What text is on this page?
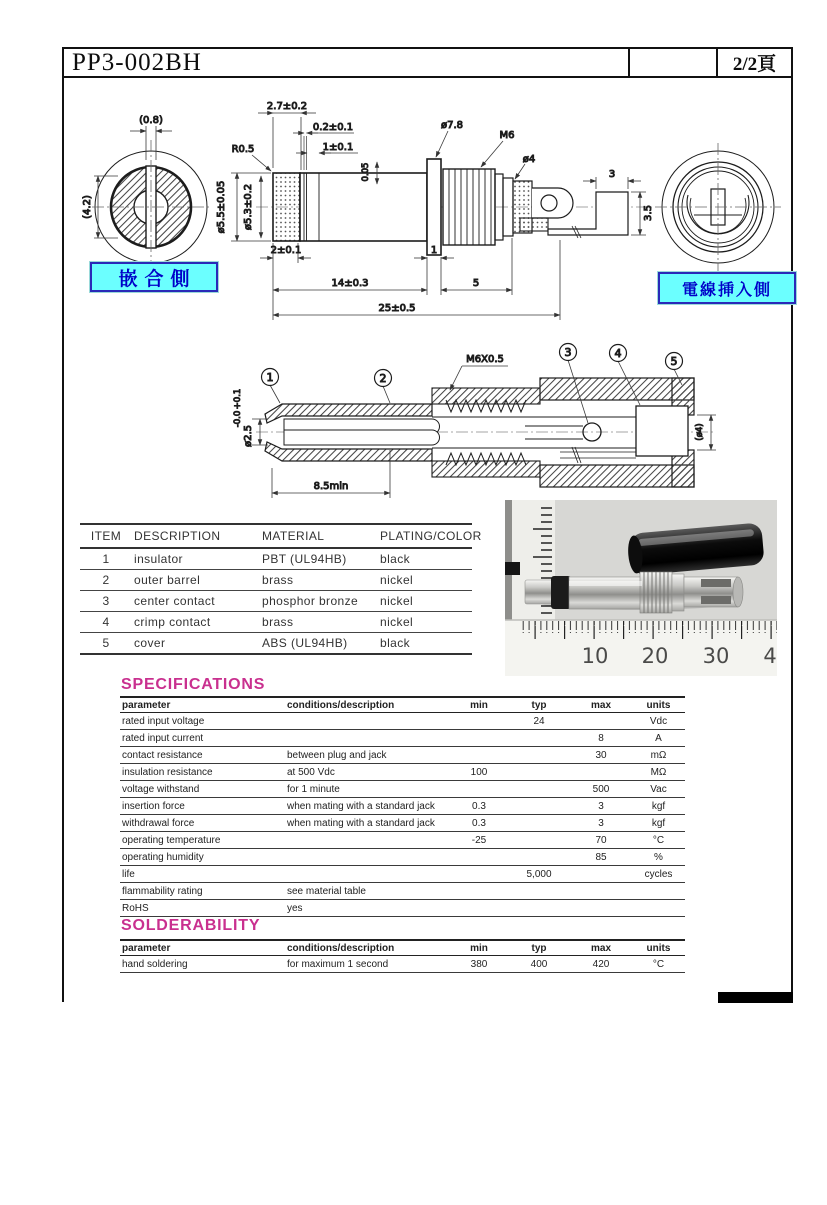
PP3-002BH	2/2頁
(0.8)
(4.2)
2.7±0.2
0.2±0.1
1±0.1
0.05
R0.5
ø5.5±0.05 ø5.3±0.2
2±0.1	1
14±0.3	5
25±0.5
ø7.8
M6
ø4
3
3.5
1	2
3	4
5
M6X0.5
ø2.5
+0.1
-0.0
8.5min
(ø4)
嵌合側
電線挿入側
ITEM	DESCRIPTION	MATERIAL	PLATING/COLOR
1	insulator	PBT (UL94HB)	black
2	outer barrel	brass	nickel
3	center contact	phosphor bronze	nickel
4	crimp contact	brass	nickel
5	cover	ABS (UL94HB)	black
10 20 30 4
SPECIFICATIONS
parameter	conditions/description	min	typ	max	units
rated input voltage			24		Vdc
rated input current				8	A
contact resistance	between plug and jack			30	mΩ
insulation resistance	at 500 Vdc	100			MΩ
voltage withstand	for 1 minute			500	Vac
insertion force	when mating with a standard jack	0.3		3	kgf
withdrawal force	when mating with a standard jack	0.3		3	kgf
operating temperature		-25		70	°C
operating humidity				85	%
life			5,000		cycles
flammability rating	see material table				
RoHS	yes				
SOLDERABILITY
parameter	conditions/description	min	typ	max	units
hand soldering	for maximum 1 second	380	400	420	°C
